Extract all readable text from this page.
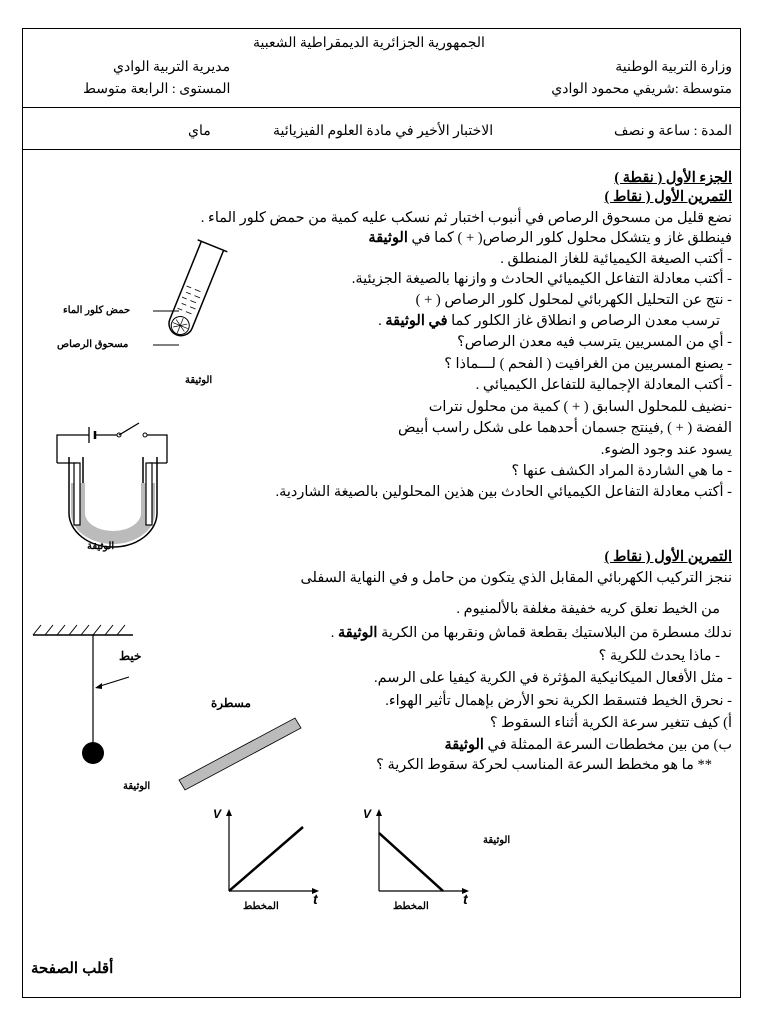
الجمهورية الجزائرية الديمقراطية الشعبية
وزارة التربية الوطنية
مديرية التربية الوادي
متوسطة :شريفي محمود الوادي
المستوى : الرابعة متوسط
المدة : ساعة و نصف
الاختبار الأخير في مادة العلوم الفيزيائية
ماي
الجزء الأول ( نقطة )
التمرين الأول ( نقاط )
نضع قليل من مسحوق الرصاص في أنبوب اختبار ثم نسكب عليه كمية من حمض كلور الماء .
فينطلق غاز و يتشكل محلول كلور الرصاص( + ) كما في الوثيقة
- أكتب الصيغة الكيميائية للغاز المنطلق .
- أكتب معادلة التفاعل الكيميائي الحادث و وازنها بالصيغة الجزيئية.
- نتج عن التحليل الكهربائي لمحلول كلور الرصاص ( + )
ترسب معدن الرصاص و انطلاق غاز الكلور كما في الوثيقة .
- أي من المسريين يترسب فيه معدن الرصاص؟
- يصنع المسريين من الغرافيت ( الفحم ) لـــماذا ؟
- أكتب المعادلة الإجمالية للتفاعل الكيميائي .
-نضيف للمحلول السابق ( + ) كمية من محلول نترات
الفضة ( + ) ,فينتج جسمان أحدهما على شكل راسب أبيض
يسود عند وجود الضوء.
- ما هي الشاردة المراد الكشف عنها ؟
- أكتب معادلة التفاعل الكيميائي الحادث بين هذين المحلولين بالصيغة الشاردية.
حمض كلور الماء
مسحوق الرصاص
الوثيقة
الوثيقة
التمرين الأول ( نقاط )
ننجز التركيب الكهربائي المقابل الذي يتكون من حامل و في النهاية السفلى
من الخيط نعلق كريه خفيفة مغلفة بالألمنيوم .
ندلك مسطرة من البلاستيك بقطعة قماش ونقربها من الكرية الوثيقة .
- ماذا يحدث للكرية ؟
- مثل الأفعال الميكانيكية المؤثرة في الكرية كيفيا على الرسم.
- نحرق الخيط فتسقط الكرية نحو الأرض بإهمال تأثير الهواء.
أ) كيف تتغير سرعة الكرية أثناء السقوط ؟
ب) من بين مخططات السرعة الممثلة في الوثيقة
** ما هو مخطط السرعة المناسب لحركة سقوط الكرية ؟
خيط
الوثيقة
مسطرة
V
t
المخطط
V
t
المخطط
الوثيقة
أقلب الصفحة
